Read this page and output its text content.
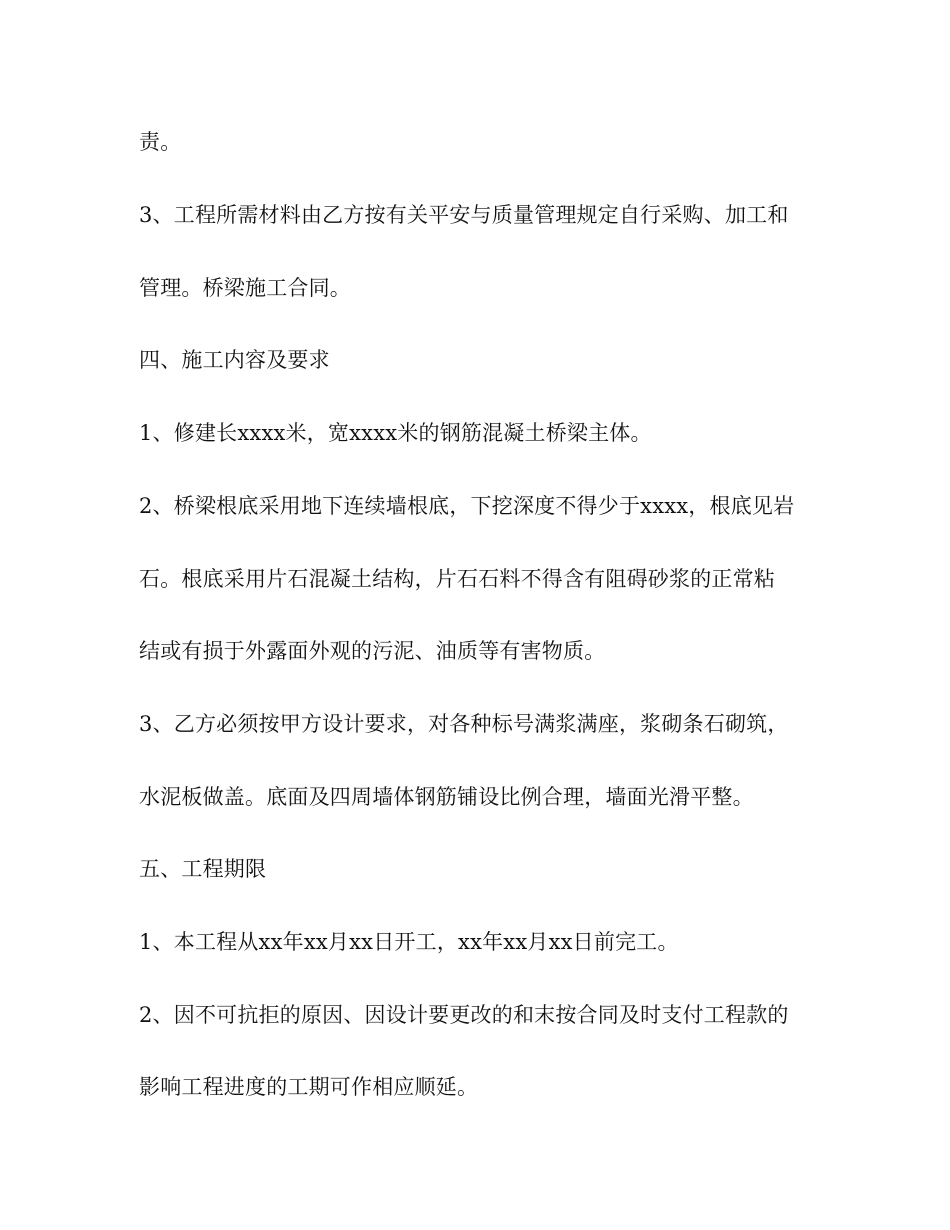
责。

3、工程所需材料由乙方按有关平安与质量管理规定自行采购、加工和

管理。桥梁施工合同。

四、施工内容及要求

1、修建长xxxx米，宽xxxx米的钢筋混凝土桥梁主体。

2、桥梁根底采用地下连续墙根底，下挖深度不得少于xxxx，根底见岩

石。根底采用片石混凝土结构，片石石料不得含有阻碍砂浆的正常粘

结或有损于外露面外观的污泥、油质等有害物质。

3、乙方必须按甲方设计要求，对各种标号满浆满座，浆砌条石砌筑，

水泥板做盖。底面及四周墙体钢筋铺设比例合理，墙面光滑平整。

五、工程期限

1、本工程从xx年xx月xx日开工，xx年xx月xx日前完工。

2、因不可抗拒的原因、因设计要更改的和末按合同及时支付工程款的

影响工程进度的工期可作相应顺延。
